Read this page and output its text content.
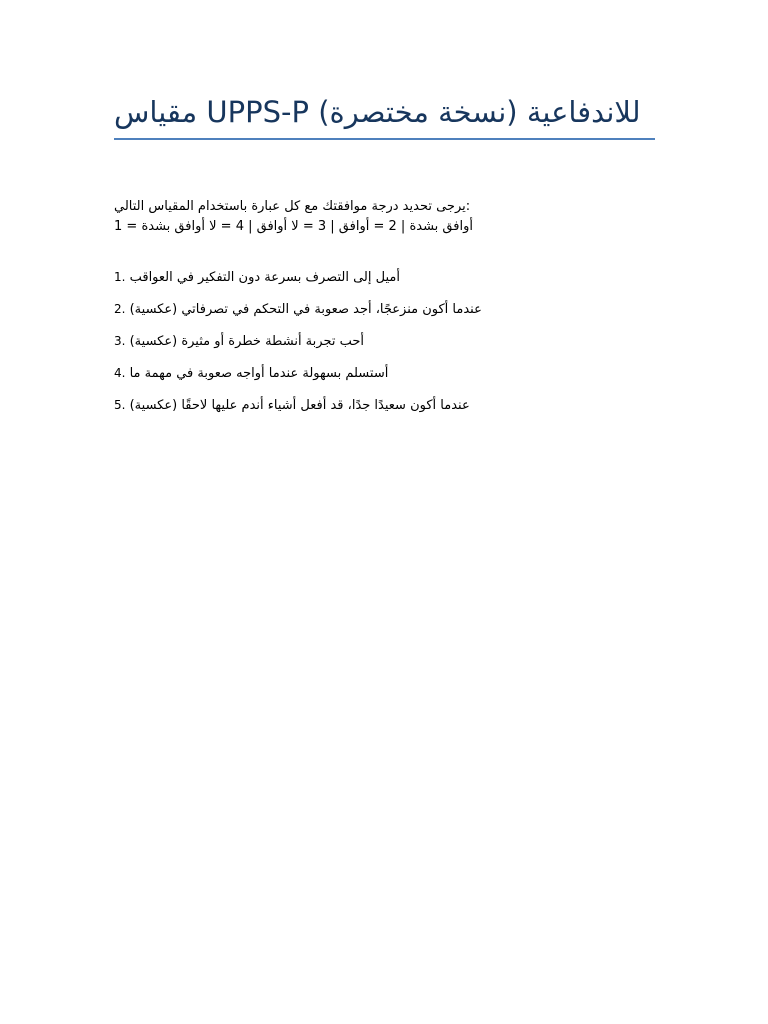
مقياس UPPS-P للاندفاعية (نسخة مختصرة)
يرجى تحديد درجة موافقتك مع كل عبارة باستخدام المقياس التالي:
1 = أوافق بشدة | 2 = أوافق | 3 = لا أوافق | 4 = لا أوافق بشدة
1. أميل إلى التصرف بسرعة دون التفكير في العواقب
2. (عكسية) عندما أكون منزعجًا، أجد صعوبة في التحكم في تصرفاتي
3. (عكسية) أحب تجربة أنشطة خطرة أو مثيرة
4. أستسلم بسهولة عندما أواجه صعوبة في مهمة ما
5. (عكسية) عندما أكون سعيدًا جدًا، قد أفعل أشياء أندم عليها لاحقًا
